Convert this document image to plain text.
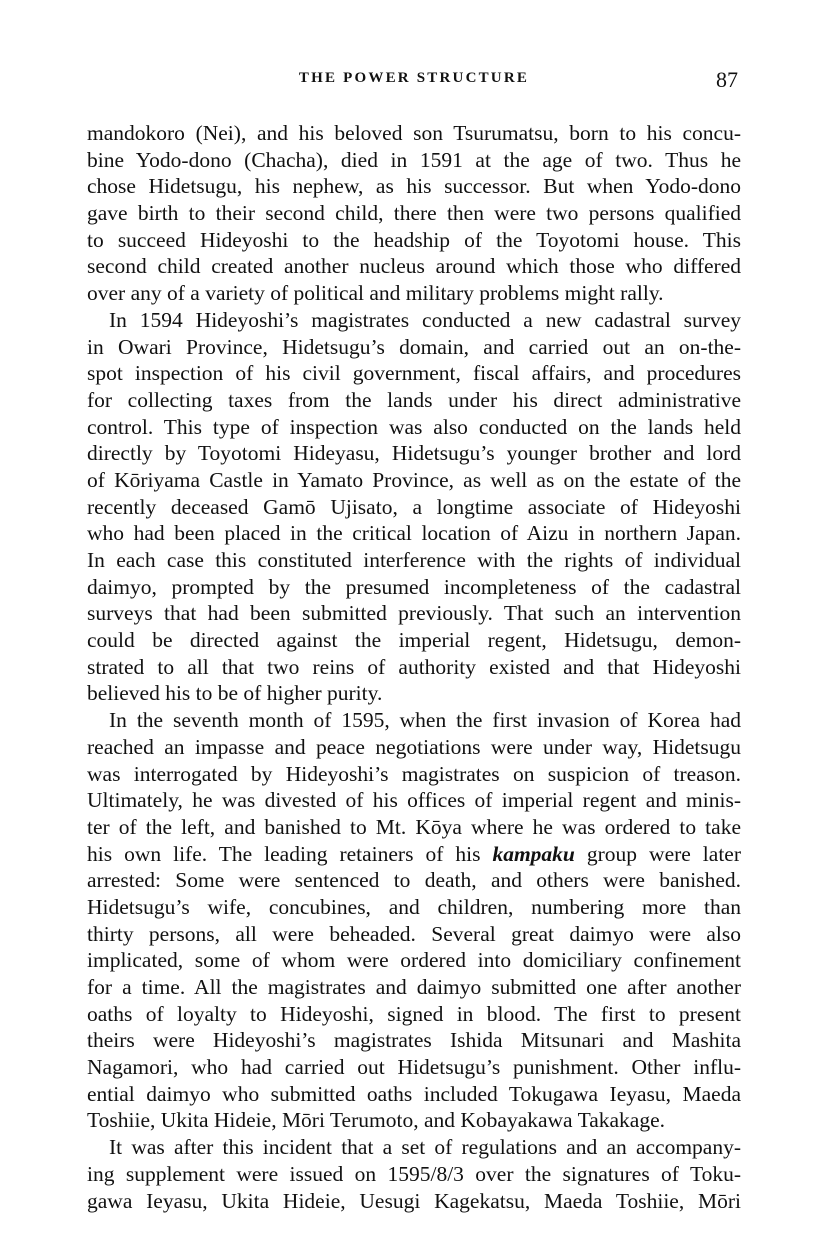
THE POWER STRUCTURE	87
mandokoro (Nei), and his beloved son Tsurumatsu, born to his concu-
bine Yodo-dono (Chacha), died in 1591 at the age of two. Thus he
chose Hidetsugu, his nephew, as his successor. But when Yodo-dono
gave birth to their second child, there then were two persons qualified
to succeed Hideyoshi to the headship of the Toyotomi house. This
second child created another nucleus around which those who differed
over any of a variety of political and military problems might rally.
In 1594 Hideyoshi’s magistrates conducted a new cadastral survey
in Owari Province, Hidetsugu’s domain, and carried out an on-the-
spot inspection of his civil government, fiscal affairs, and procedures
for collecting taxes from the lands under his direct administrative
control. This type of inspection was also conducted on the lands held
directly by Toyotomi Hideyasu, Hidetsugu’s younger brother and lord
of Kōriyama Castle in Yamato Province, as well as on the estate of the
recently deceased Gamō Ujisato, a longtime associate of Hideyoshi
who had been placed in the critical location of Aizu in northern Japan.
In each case this constituted interference with the rights of individual
daimyo, prompted by the presumed incompleteness of the cadastral
surveys that had been submitted previously. That such an intervention
could be directed against the imperial regent, Hidetsugu, demon-
strated to all that two reins of authority existed and that Hideyoshi
believed his to be of higher purity.
In the seventh month of 1595, when the first invasion of Korea had
reached an impasse and peace negotiations were under way, Hidetsugu
was interrogated by Hideyoshi’s magistrates on suspicion of treason.
Ultimately, he was divested of his offices of imperial regent and minis-
ter of the left, and banished to Mt. Kōya where he was ordered to take
his own life. The leading retainers of his kampaku group were later
arrested: Some were sentenced to death, and others were banished.
Hidetsugu’s wife, concubines, and children, numbering more than
thirty persons, all were beheaded. Several great daimyo were also
implicated, some of whom were ordered into domiciliary confinement
for a time. All the magistrates and daimyo submitted one after another
oaths of loyalty to Hideyoshi, signed in blood. The first to present
theirs were Hideyoshi’s magistrates Ishida Mitsunari and Mashita
Nagamori, who had carried out Hidetsugu’s punishment. Other influ-
ential daimyo who submitted oaths included Tokugawa Ieyasu, Maeda
Toshiie, Ukita Hideie, Mōri Terumoto, and Kobayakawa Takakage.
It was after this incident that a set of regulations and an accompany-
ing supplement were issued on 1595/8/3 over the signatures of Toku-
gawa Ieyasu, Ukita Hideie, Uesugi Kagekatsu, Maeda Toshiie, Mōri
